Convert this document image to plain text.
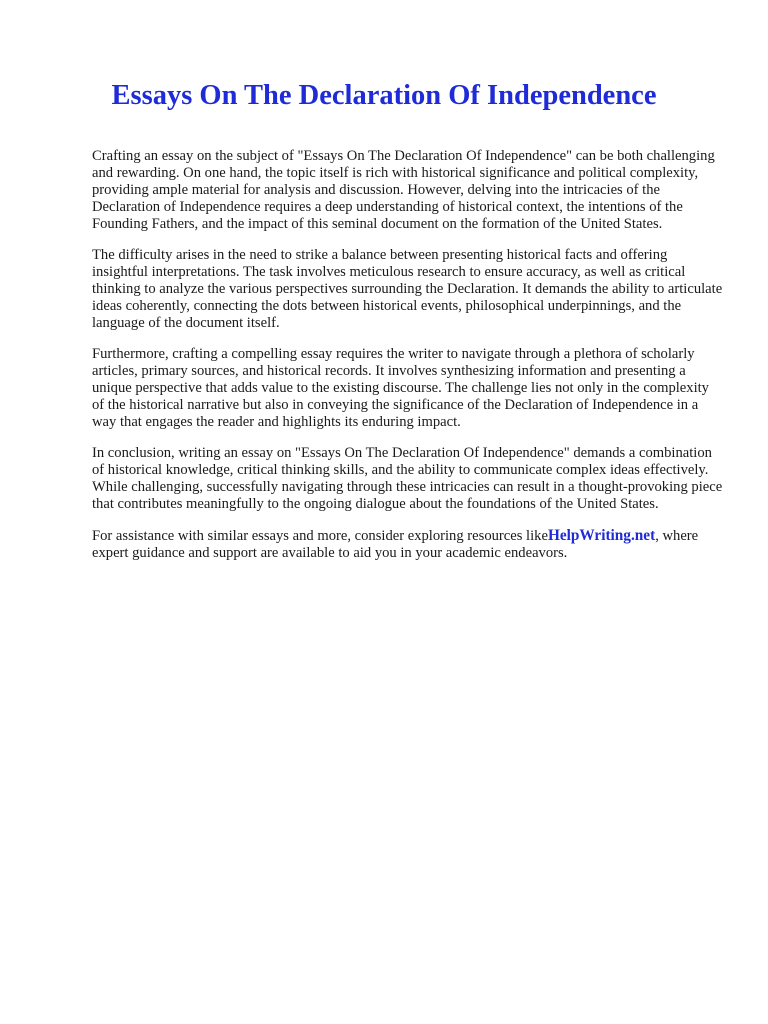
Essays On The Declaration Of Independence

Crafting an essay on the subject of "Essays On The Declaration Of Independence" can be both challenging and rewarding. On one hand, the topic itself is rich with historical significance and political complexity, providing ample material for analysis and discussion. However, delving into the intricacies of the Declaration of Independence requires a deep understanding of historical context, the intentions of the Founding Fathers, and the impact of this seminal document on the formation of the United States.

The difficulty arises in the need to strike a balance between presenting historical facts and offering insightful interpretations. The task involves meticulous research to ensure accuracy, as well as critical thinking to analyze the various perspectives surrounding the Declaration. It demands the ability to articulate ideas coherently, connecting the dots between historical events, philosophical underpinnings, and the language of the document itself.

Furthermore, crafting a compelling essay requires the writer to navigate through a plethora of scholarly articles, primary sources, and historical records. It involves synthesizing information and presenting a unique perspective that adds value to the existing discourse. The challenge lies not only in the complexity of the historical narrative but also in conveying the significance of the Declaration of Independence in a way that engages the reader and highlights its enduring impact.

In conclusion, writing an essay on "Essays On The Declaration Of Independence" demands a combination of historical knowledge, critical thinking skills, and the ability to communicate complex ideas effectively. While challenging, successfully navigating through these intricacies can result in a thought-provoking piece that contributes meaningfully to the ongoing dialogue about the foundations of the United States.

For assistance with similar essays and more, consider exploring resources likeHelpWriting.net, where expert guidance and support are available to aid you in your academic endeavors.
